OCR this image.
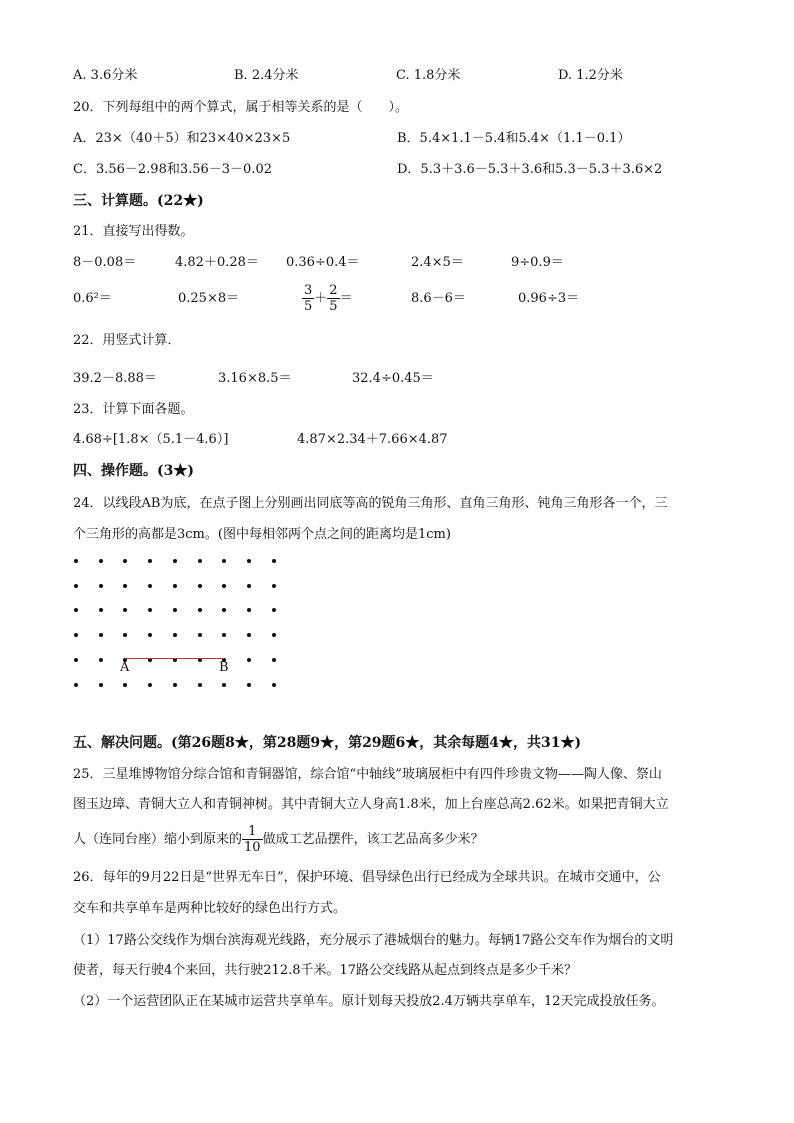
A. 3.6分米	B. 2.4分米	C. 1.8分米	D. 1.2分米
20．下列每组中的两个算式，属于相等关系的是（　　）。
A．23×（40＋5）和23×40×23×5	B．5.4×1.1－5.4和5.4×（1.1－0.1）
C．3.56－2.98和3.56－3－0.02	D．5.3＋3.6－5.3＋3.6和5.3－5.3＋3.6×2
三、计算题。(22★)
21．直接写出得数。
8－0.08＝	4.82＋0.28＝ 0.36÷0.4＝	2.4×5＝	9÷0.9＝
0.6²＝	0.25×8＝	$\frac{3}{5} + \frac{2}{5}$ ＝	8.6－6＝	0.96÷3＝
22．用竖式计算．
39.2－8.88＝	3.16×8.5＝	32.4÷0.45＝
23．计算下面各题。
4.68÷[1.8×（5.1－4.6）]	4.87×2.34＋7.66×4.87
四、操作题。(3★)
24．以线段AB为底，在点子图上分别画出同底等高的锐角三角形、直角三角形、钝角三角形各一个，三
个三角形的高都是3cm。(图中每相邻两个点之间的距离均是1cm)
A	B
五、解决问题。(第26题8★，第28题9★，第29题6★，其余每题4★，共31★)
25．三星堆博物馆分综合馆和青铜器馆，综合馆“中轴线”玻璃展柜中有四件珍贵文物——陶人像、祭山
图玉边璋、青铜大立人和青铜神树。其中青铜大立人身高1.8米，加上台座总高2.62米。如果把青铜大立
人（连同台座）缩小到原来的 $\frac{1}{10}$ 做成工艺品摆件，该工艺品高多少米？
26．每年的9月22日是“世界无车日”，保护环境、倡导绿色出行已经成为全球共识。在城市交通中，公
交车和共享单车是两种比较好的绿色出行方式。
（1）17路公交线作为烟台滨海观光线路，充分展示了港城烟台的魅力。每辆17路公交车作为烟台的文明
使者，每天行驶4个来回，共行驶212.8千米。17路公交线路从起点到终点是多少千米？
（2）一个运营团队正在某城市运营共享单车。原计划每天投放2.4万辆共享单车，12天完成投放任务。
